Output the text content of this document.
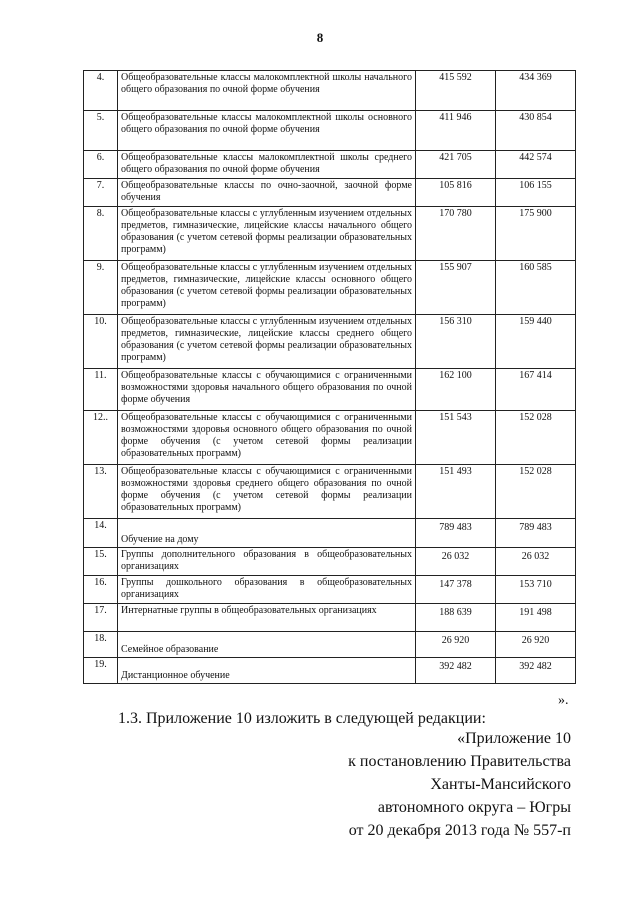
8
4.	Общеобразовательные классы малокомплектной школы начального общего образования по очной форме обучения	415 592	434 369
5.	Общеобразовательные классы малокомплектной школы основного общего образования по очной форме обучения	411 946	430 854
6.	Общеобразовательные классы малокомплектной школы среднего общего образования по очной форме обучения	421 705	442 574
7.	Общеобразовательные классы по очно-заочной, заочной форме обучения	105 816	106 155
8.	Общеобразовательные классы с углубленным изучением отдельных предметов, гимназические, лицейские классы начального общего образования (с учетом сетевой формы реализации образовательных программ)	170 780	175 900
9.	Общеобразовательные классы с углубленным изучением отдельных предметов, гимназические, лицейские классы основного общего образования (с учетом сетевой формы реализации образовательных программ)	155 907	160 585
10.	Общеобразовательные классы с углубленным изучением отдельных предметов, гимназические, лицейские классы среднего общего образования (с учетом сетевой формы реализации образовательных программ)	156 310	159 440
11.	Общеобразовательные классы с обучающимися с ограниченными возможностями здоровья начального общего образования по очной форме обучения	162 100	167 414
12..	Общеобразовательные классы с обучающимися с ограниченными возможностями здоровья основного общего образования по очной форме обучения (с учетом сетевой формы реализации образовательных программ)	151 543	152 028
13.	Общеобразовательные классы с обучающимися с ограниченными возможностями здоровья среднего общего образования по очной форме обучения (с учетом сетевой формы реализации образовательных программ)	151 493	152 028
14.	Обучение на дому	789 483	789 483
15.	Группы дополнительного образования в общеобразовательных организациях	26 032	26 032
16.	Группы дошкольного образования в общеобразовательных организациях	147 378	153 710
17.	Интернатные группы в общеобразовательных организациях	188 639	191 498
18.	Семейное образование	26 920	26 920
19.	Дистанционное обучение	392 482	392 482
».
1.3. Приложение 10 изложить в следующей редакции:
«Приложение 10
к постановлению Правительства
Ханты-Мансийского
автономного округа – Югры
от 20 декабря 2013 года № 557-п
